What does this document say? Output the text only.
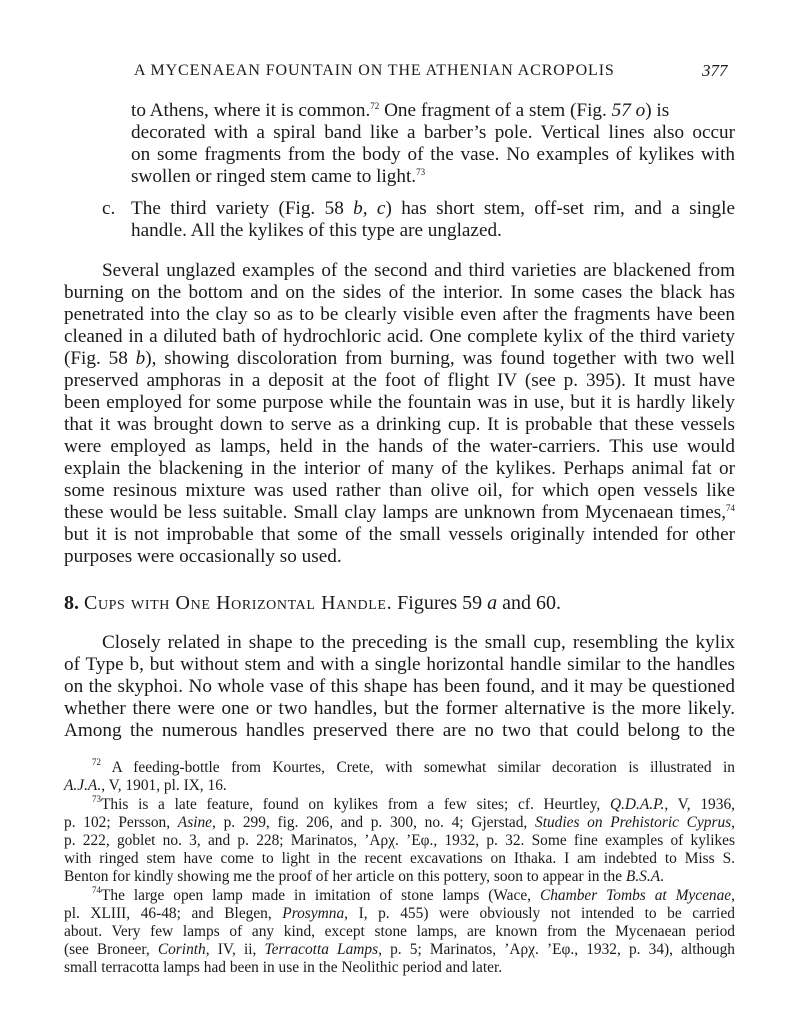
A MYCENAEAN FOUNTAIN ON THE ATHENIAN ACROPOLIS	377
to Athens, where it is common.$^{72}$ One fragment of a stem (Fig. 57 o) is
decorated with a spiral band like a barber’s pole. Vertical lines also occur
on some fragments from the body of the vase. No examples of kylikes with
swollen or ringed stem came to light.$^{73}$
c. The third variety (Fig. 58 b, c) has short stem, off-set rim, and a single
handle. All the kylikes of this type are unglazed.
Several unglazed examples of the second and third varieties are blackened from
burning on the bottom and on the sides of the interior. In some cases the black has
penetrated into the clay so as to be clearly visible even after the fragments have been
cleaned in a diluted bath of hydrochloric acid. One complete kylix of the third variety
(Fig. 58 b), showing discoloration from burning, was found together with two well
preserved amphoras in a deposit at the foot of flight IV (see p. 395). It must have
been employed for some purpose while the fountain was in use, but it is hardly likely
that it was brought down to serve as a drinking cup. It is probable that these vessels
were employed as lamps, held in the hands of the water-carriers. This use would
explain the blackening in the interior of many of the kylikes. Perhaps animal fat or
some resinous mixture was used rather than olive oil, for which open vessels like
these would be less suitable. Small clay lamps are unknown from Mycenaean times,$^{74}$
but it is not improbable that some of the small vessels originally intended for other
purposes were occasionally so used.
8. Cups with One Horizontal Handle. Figures 59 a and 60.
Closely related in shape to the preceding is the small cup, resembling the kylix
of Type b, but without stem and with a single horizontal handle similar to the handles
on the skyphoi. No whole vase of this shape has been found, and it may be questioned
whether there were one or two handles, but the former alternative is the more likely.
Among the numerous handles preserved there are no two that could belong to the
$^{72}$ A feeding-bottle from Kourtes, Crete, with somewhat similar decoration is illustrated in
A.J.A., V, 1901, pl. IX, 16.
$^{73}$This is a late feature, found on kylikes from a few sites; cf. Heurtley, Q.D.A.P., V, 1936,
p. 102; Persson, Asine, p. 299, fig. 206, and p. 300, no. 4; Gjerstad, Studies on Prehistoric Cyprus,
p. 222, goblet no. 3, and p. 228; Marinatos, ’Αρχ. ’Εφ., 1932, p. 32. Some fine examples of kylikes
with ringed stem have come to light in the recent excavations on Ithaka. I am indebted to Miss S.
Benton for kindly showing me the proof of her article on this pottery, soon to appear in the B.S.A.
$^{74}$The large open lamp made in imitation of stone lamps (Wace, Chamber Tombs at Mycenae,
pl. XLIII, 46-48; and Blegen, Prosymna, I, p. 455) were obviously not intended to be carried
about. Very few lamps of any kind, except stone lamps, are known from the Mycenaean period
(see Broneer, Corinth, IV, ii, Terracotta Lamps, p. 5; Marinatos, ’Αρχ. ’Εφ., 1932, p. 34), although
small terracotta lamps had been in use in the Neolithic period and later.
